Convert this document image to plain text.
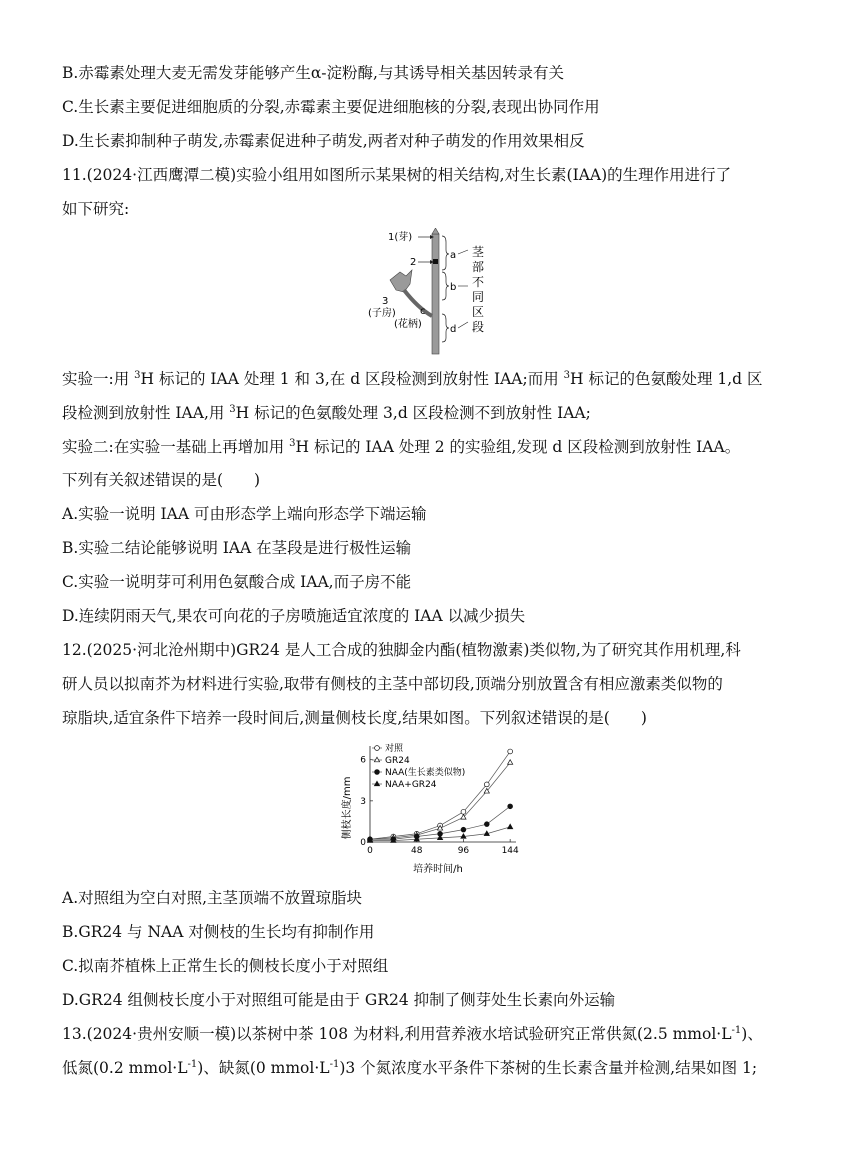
B.赤霉素处理大麦无需发芽能够产生α-淀粉酶,与其诱导相关基因转录有关
C.生长素主要促进细胞质的分裂,赤霉素主要促进细胞核的分裂,表现出协同作用
D.生长素抑制种子萌发,赤霉素促进种子萌发,两者对种子萌发的作用效果相反
11.(2024·江西鹰潭二模)实验小组用如图所示某果树的相关结构,对生长素(IAA)的生理作用进行了
如下研究:
1(芽)
2
3
(子房) c
(花柄)
a
b
d
茎
部
不
同
区
段
实验一:用 $^3$H 标记的 IAA 处理 1 和 3,在 d 区段检测到放射性 IAA;而用 $^3$H 标记的色氨酸处理 1,d 区
段检测到放射性 IAA,用 $^3$H 标记的色氨酸处理 3,d 区段检测不到放射性 IAA;
实验二:在实验一基础上再增加用 $^3$H 标记的 IAA 处理 2 的实验组,发现 d 区段检测到放射性 IAA。
下列有关叙述错误的是(　　)
A.实验一说明 IAA 可由形态学上端向形态学下端运输
B.实验二结论能够说明 IAA 在茎段是进行极性运输
C.实验一说明芽可利用色氨酸合成 IAA,而子房不能
D.连续阴雨天气,果农可向花的子房喷施适宜浓度的 IAA 以减少损失
12.(2025·河北沧州期中)GR24 是人工合成的独脚金内酯(植物激素)类似物,为了研究其作用机理,科
研人员以拟南芥为材料进行实验,取带有侧枝的主茎中部切段,顶端分别放置含有相应激素类似物的
琼脂块,适宜条件下培养一段时间后,测量侧枝长度,结果如图。下列叙述错误的是(　　)
0	48	96	144
0
3
6
对照
GR24
NAA(生长素类似物)
NAA+GR24
侧枝长度/mm
培养时间/h
A.对照组为空白对照,主茎顶端不放置琼脂块
B.GR24 与 NAA 对侧枝的生长均有抑制作用
C.拟南芥植株上正常生长的侧枝长度小于对照组
D.GR24 组侧枝长度小于对照组可能是由于 GR24 抑制了侧芽处生长素向外运输
13.(2024·贵州安顺一模)以茶树中茶 108 为材料,利用营养液水培试验研究正常供氮(2.5 $mmol\cdot L^{-1}$)、
低氮(0.2 $mmol\cdot L^{-1}$)、缺氮(0 $mmol\cdot L^{-1})3$ 个氮浓度水平条件下茶树的生长素含量并检测,结果如图 1;
